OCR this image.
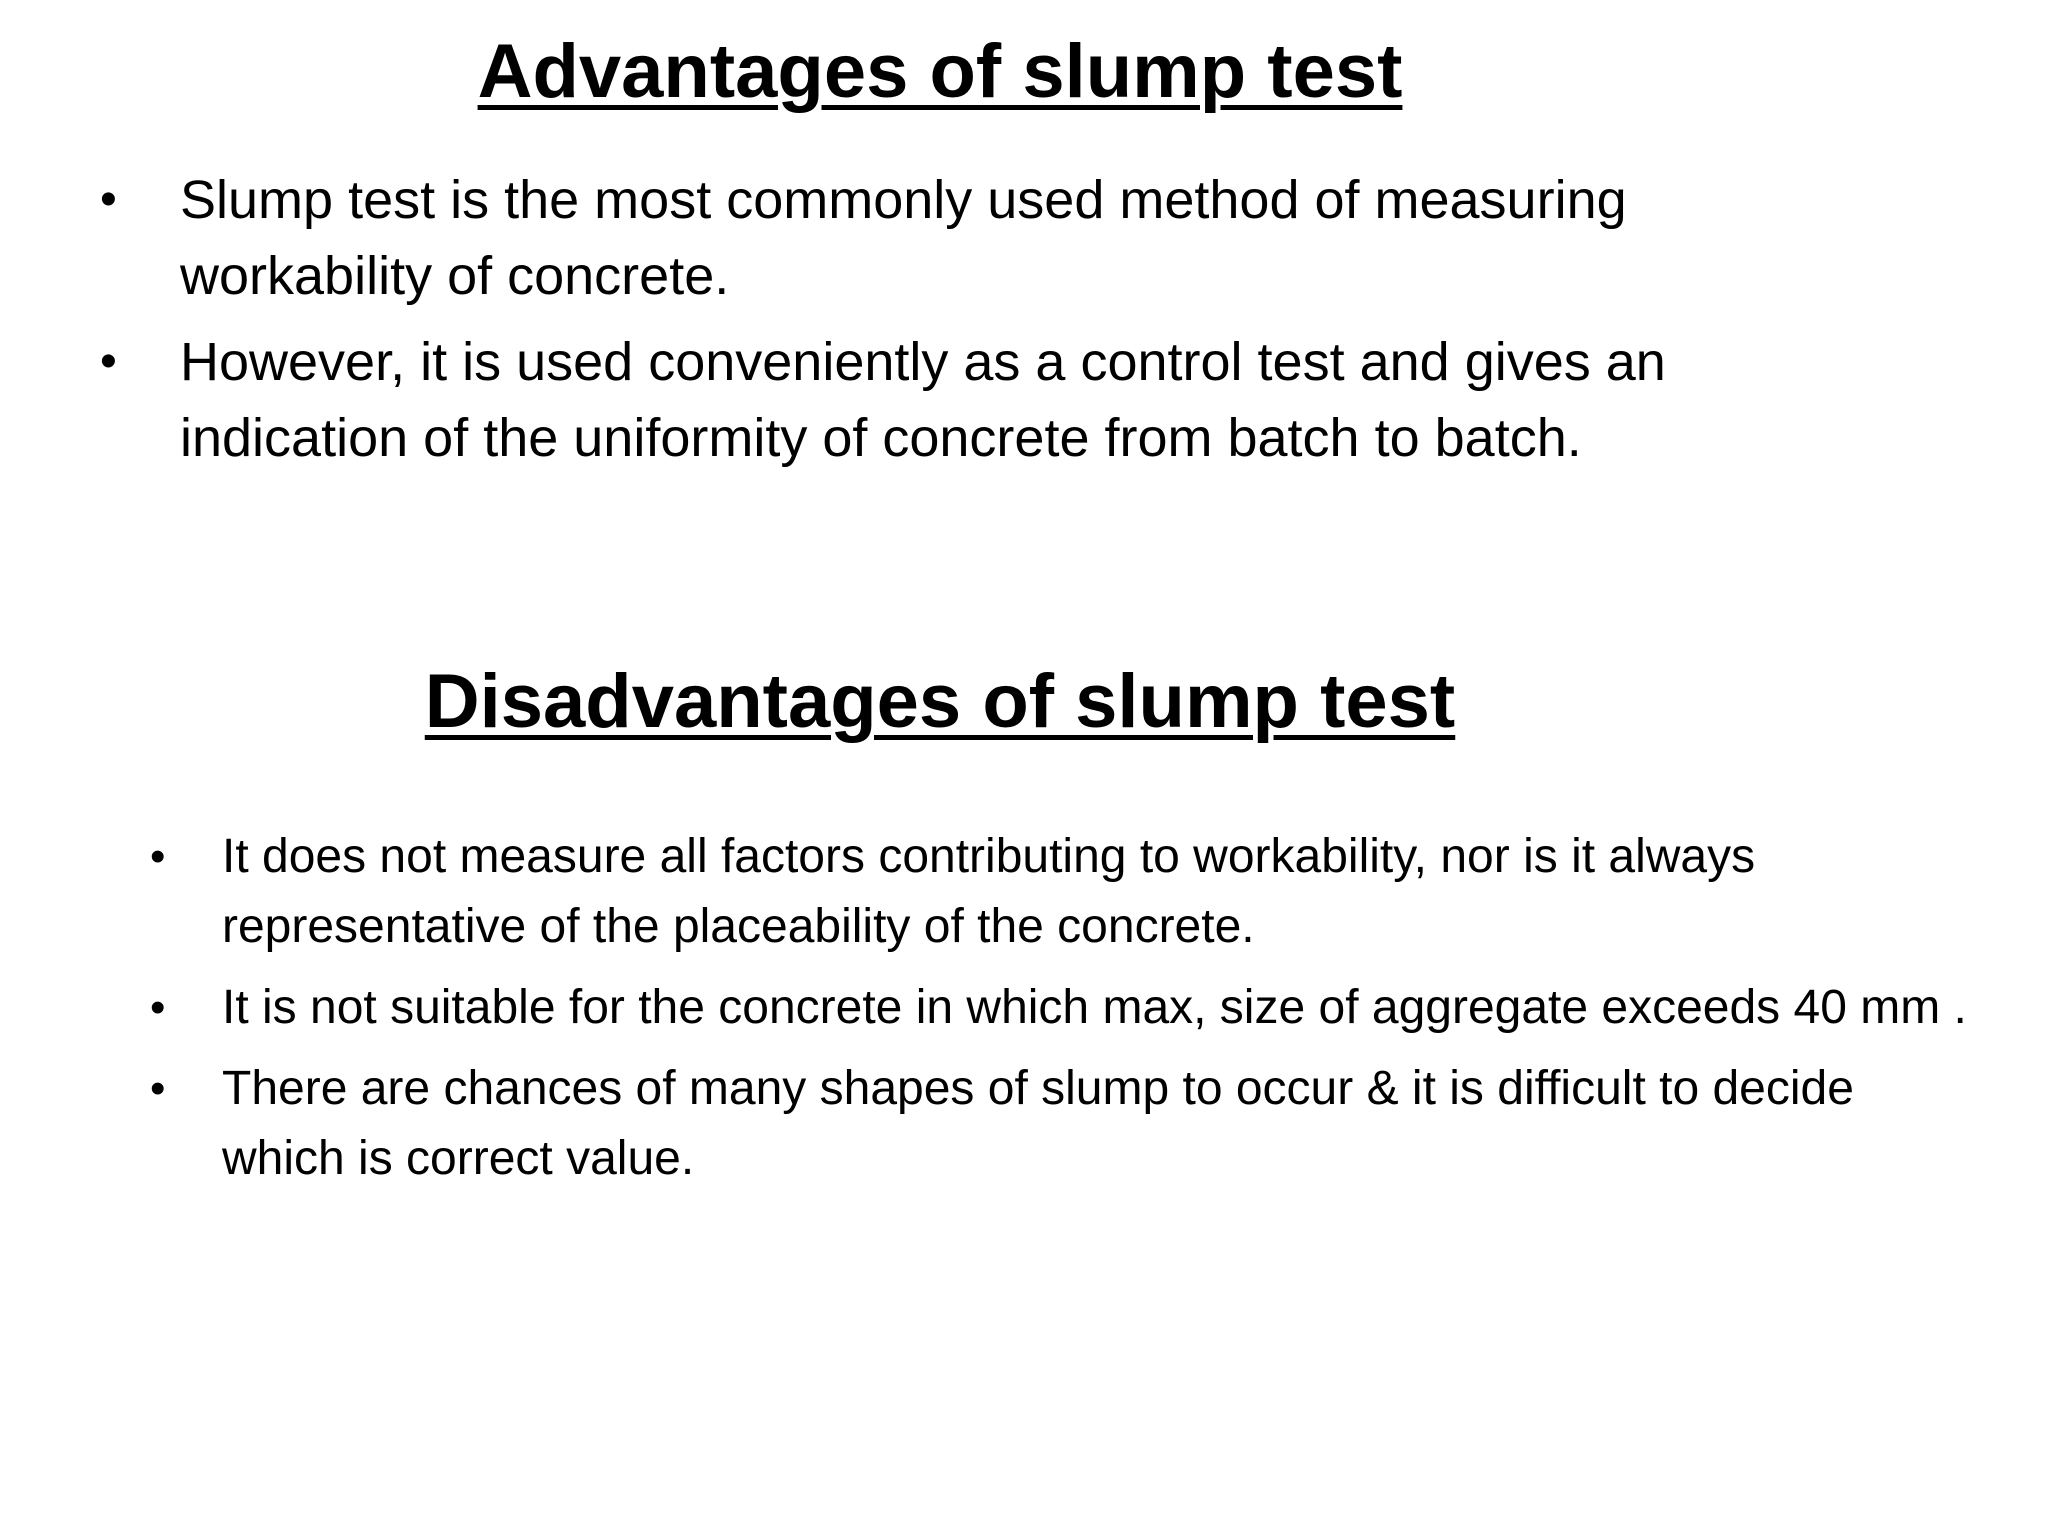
Advantages of slump test
• Slump test is the most commonly used method of measuring workability of concrete.
• However, it is used conveniently as a control test and gives an indication of the uniformity of concrete from batch to batch.
Disadvantages of slump test
• It does not measure all factors contributing to workability, nor is it always representative of the placeability of the concrete.
• It is not suitable for the concrete in which max, size of aggregate exceeds 40 mm .
• There are chances of many shapes of slump to occur & it is difficult to decide which is correct value.
